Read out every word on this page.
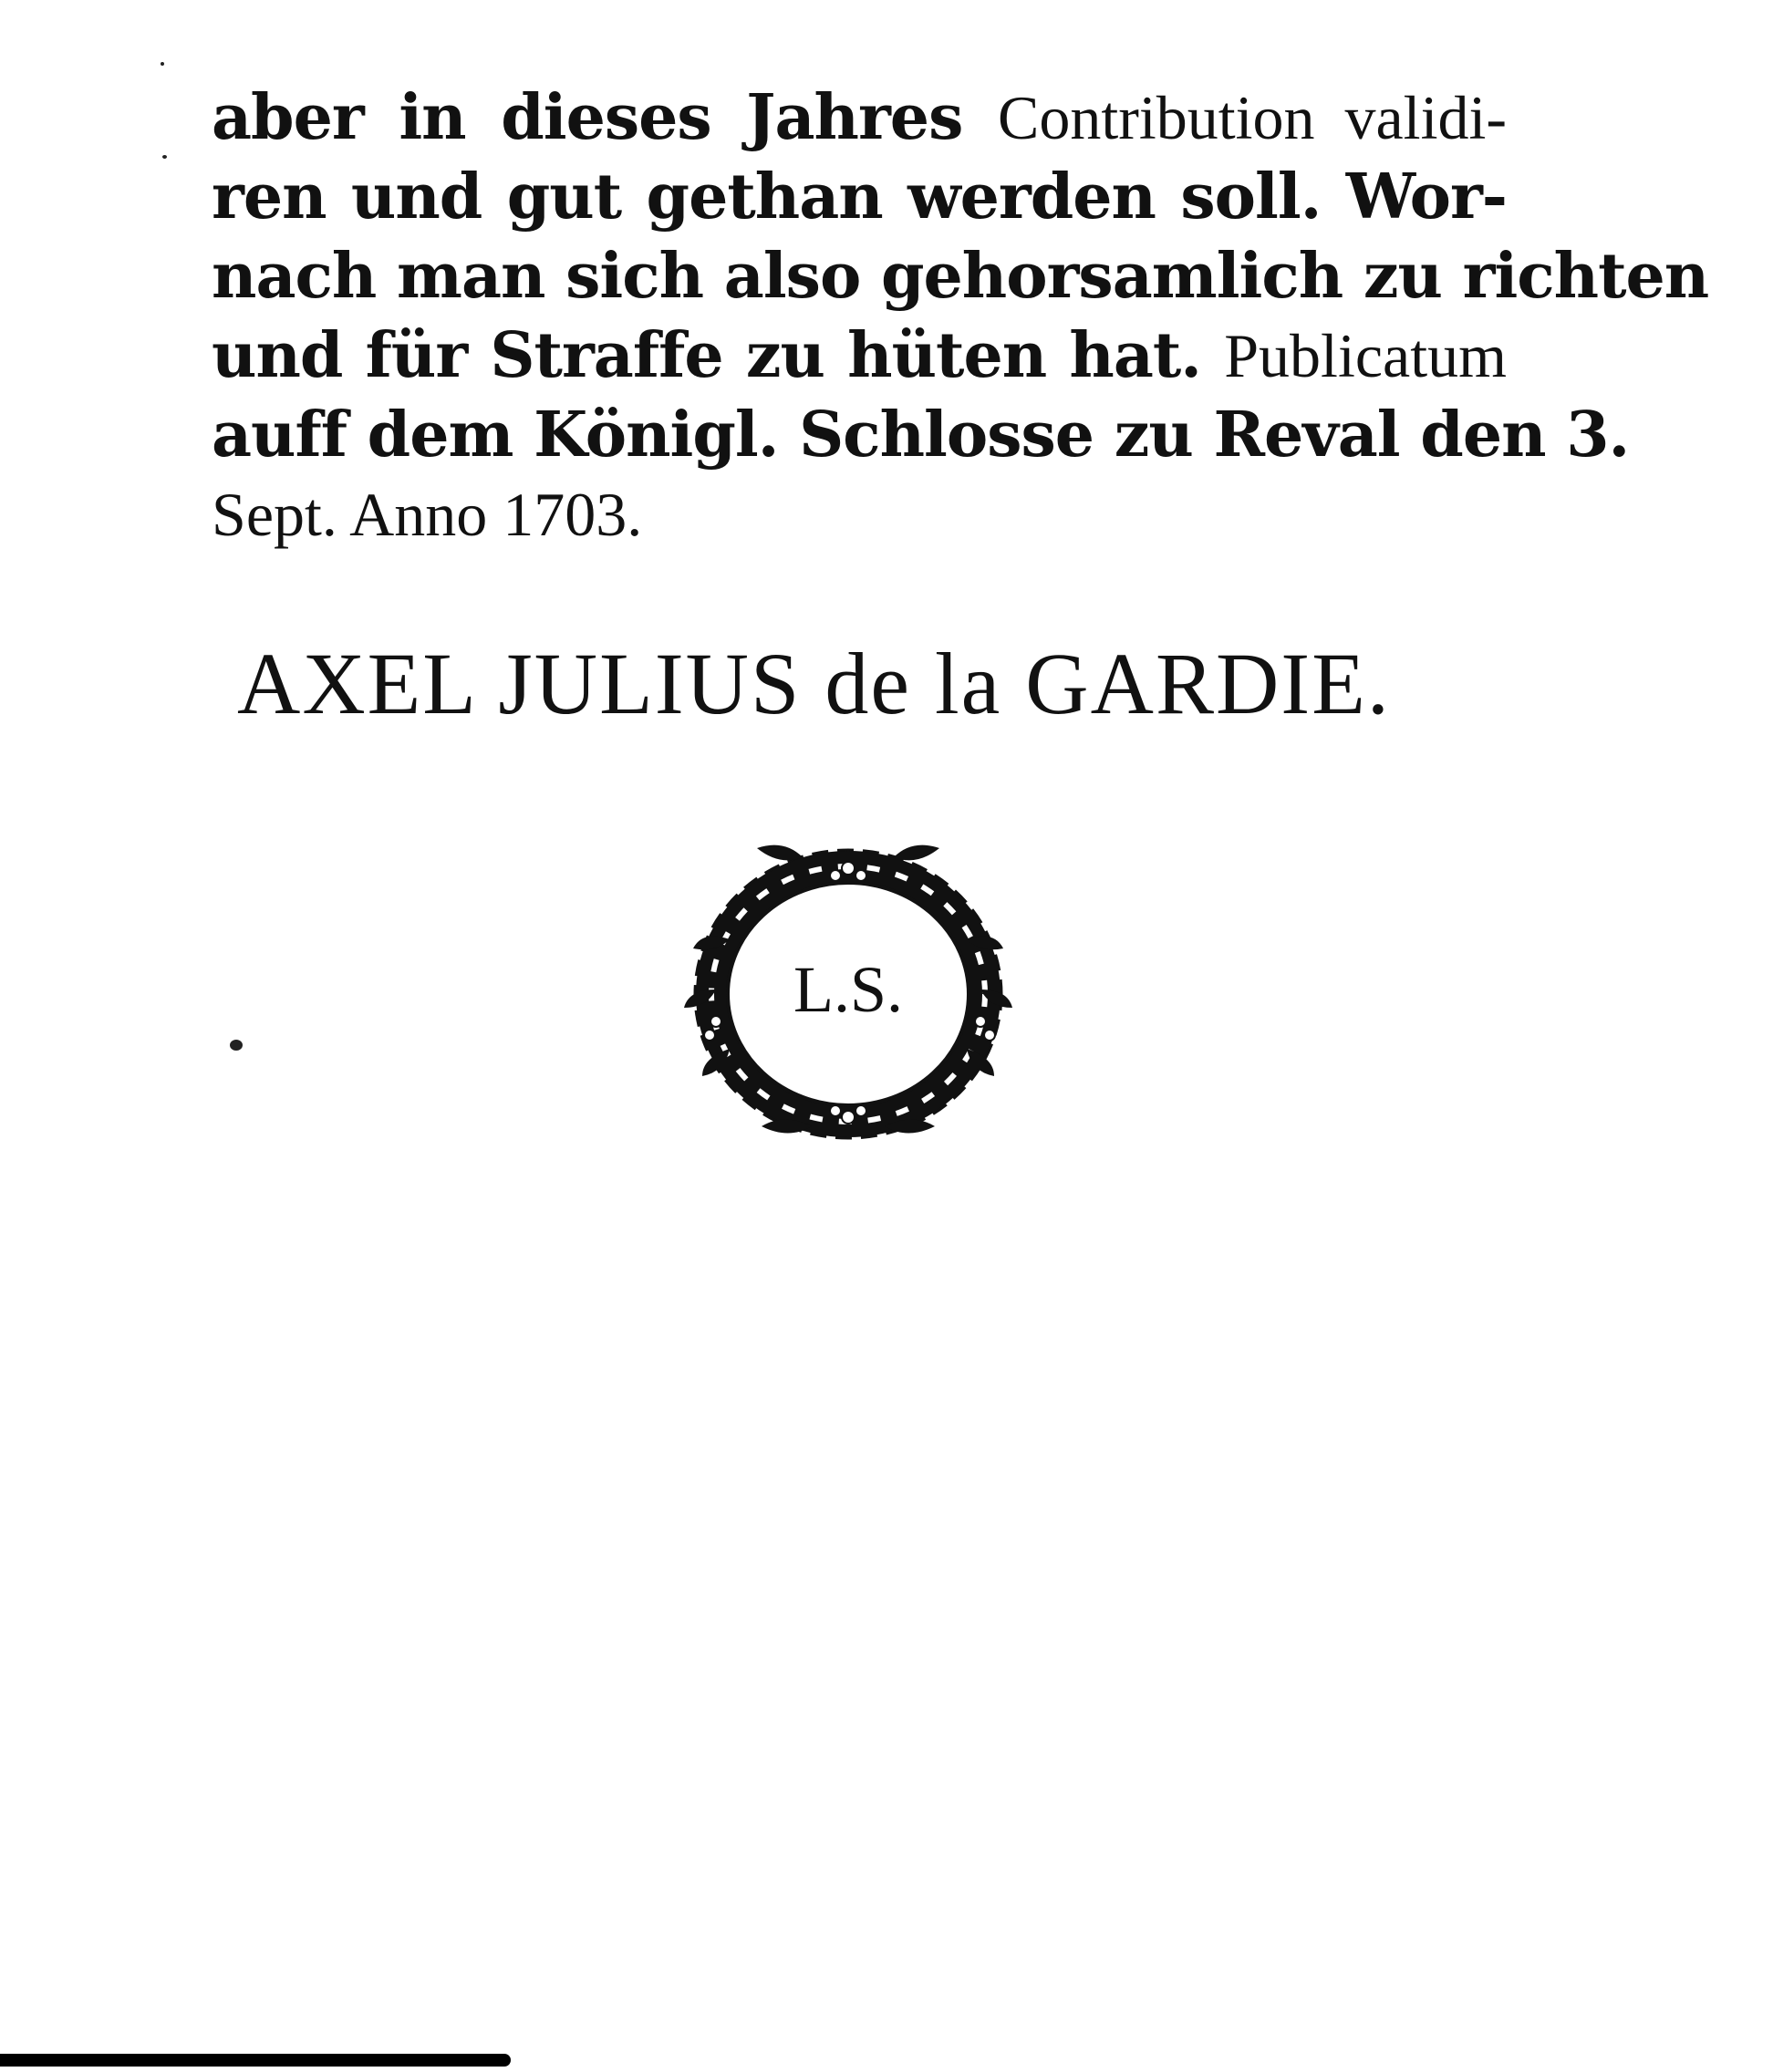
aber in dieses Jahres Contribution validi-
ren und gut gethan werden soll. Wor-
nach man sich also gehorsamlich zu richten
und für Straffe zu hüten hat. Publicatum
auff dem Königl. Schlosse zu Reval den 3.
Sept. Anno 1703.
AXEL JULIUS de la GARDIE.
L.S.
